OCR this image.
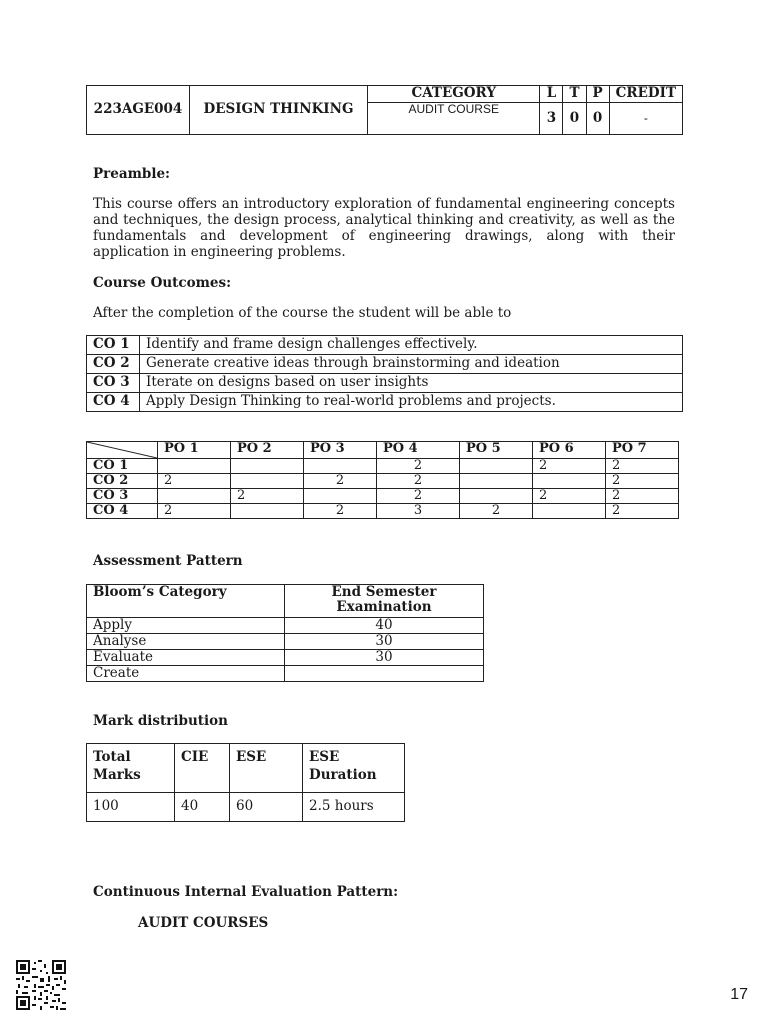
223AGE004	DESIGN THINKING	CATEGORY	L	T	P	CREDIT
		AUDIT COURSE	3	0	0	-
Preamble:
This course offers an introductory exploration of fundamental engineering concepts and techniques, the design process, analytical thinking and creativity, as well as the fundamentals and development of engineering drawings, along with their application in engineering problems.
Course Outcomes:
After the completion of the course the student will be able to
CO 1	Identify and frame design challenges effectively.
CO 2	Generate creative ideas through brainstorming and ideation
CO 3	Iterate on designs based on user insights
CO 4	Apply Design Thinking to real-world problems and projects.
	PO 1	PO 2	PO 3	PO 4	PO 5	PO 6	PO 7
CO 1				2		2	2
CO 2	2		2	2			2
CO 3		2		2		2	2
CO 4	2		2	3	2		2
Assessment Pattern
Bloom’s Category	End Semester Examination
Apply	40
Analyse	30
Evaluate	30
Create	
Mark distribution
Total Marks	CIE	ESE	ESE Duration
100	40	60	2.5 hours
Continuous Internal Evaluation Pattern:
AUDIT COURSES
17
